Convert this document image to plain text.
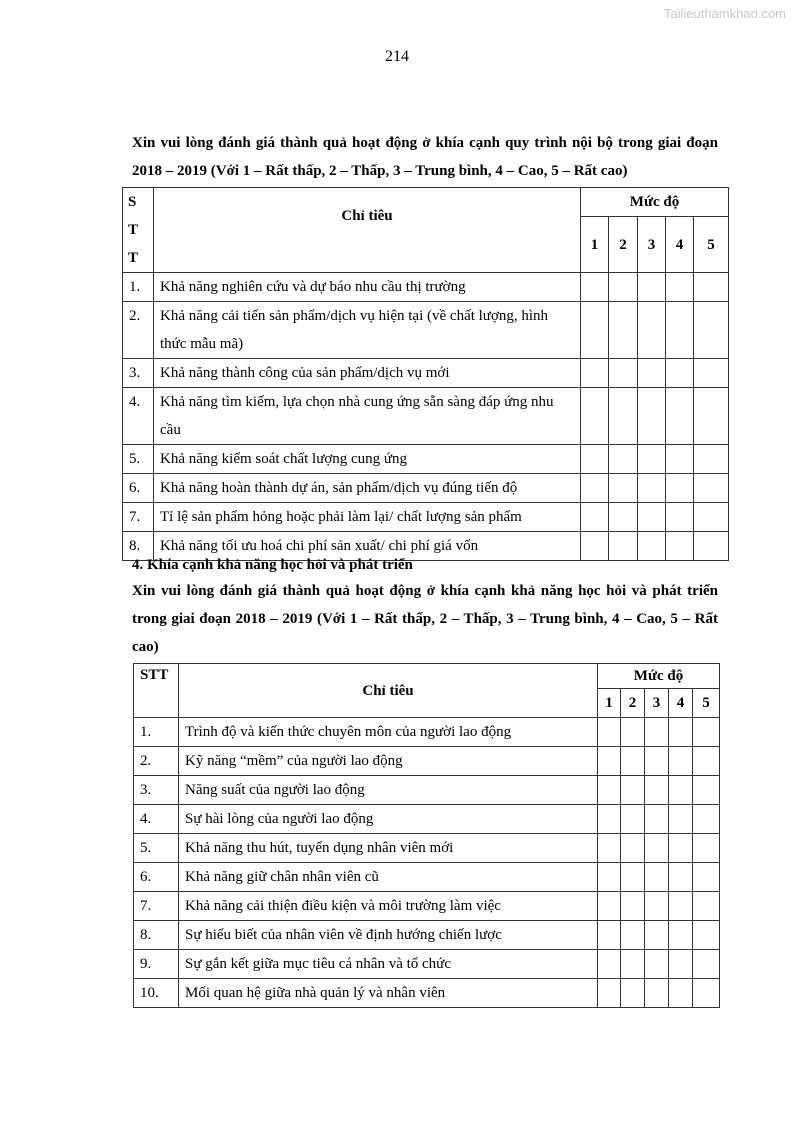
Tailieuthamkhao.com
214
Xin vui lòng đánh giá thành quả hoạt động ở khía cạnh quy trình nội bộ trong giai đoạn 2018 – 2019 (Với 1 – Rất thấp, 2 – Thấp, 3 – Trung bình, 4 – Cao, 5 – Rất cao)
S
T
T	Chỉ tiêu	Mức độ				
		1	2	3	4	5
1.	Khả năng nghiên cứu và dự báo nhu cầu thị trường					
2.	Khả năng cải tiến sản phẩm/dịch vụ hiện tại (về chất lượng, hình thức mẫu mã)					
3.	Khả năng thành công của sản phẩm/dịch vụ mới					
4.	Khả năng tìm kiếm, lựa chọn nhà cung ứng sẵn sàng đáp ứng nhu cầu					
5.	Khả năng kiểm soát chất lượng cung ứng					
6.	Khả năng hoàn thành dự án, sản phẩm/dịch vụ đúng tiến độ					
7.	Tỉ lệ sản phẩm hỏng hoặc phải làm lại/ chất lượng sản phẩm					
8.	Khả năng tối ưu hoá chi phí sản xuất/ chi phí giá vốn					
4. Khía cạnh khả năng học hỏi và phát triển
Xin vui lòng đánh giá thành quả hoạt động ở khía cạnh khả năng học hỏi và phát triển trong giai đoạn 2018 – 2019 (Với 1 – Rất thấp, 2 – Thấp, 3 – Trung bình, 4 – Cao, 5 – Rất cao)
STT	Chỉ tiêu	Mức độ				
		1	2	3	4	5
1.	Trình độ và kiến thức chuyên môn của người lao động					
2.	Kỹ năng “mềm” của người lao động					
3.	Năng suất của người lao động					
4.	Sự hài lòng của người lao động					
5.	Khả năng thu hút, tuyển dụng nhân viên mới					
6.	Khả năng giữ chân nhân viên cũ					
7.	Khả năng cải thiện điều kiện và môi trường làm việc					
8.	Sự hiểu biết của nhân viên về định hướng chiến lược					
9.	Sự gắn kết giữa mục tiêu cá nhân và tổ chức					
10.	Mối quan hệ giữa nhà quản lý và nhân viên					
